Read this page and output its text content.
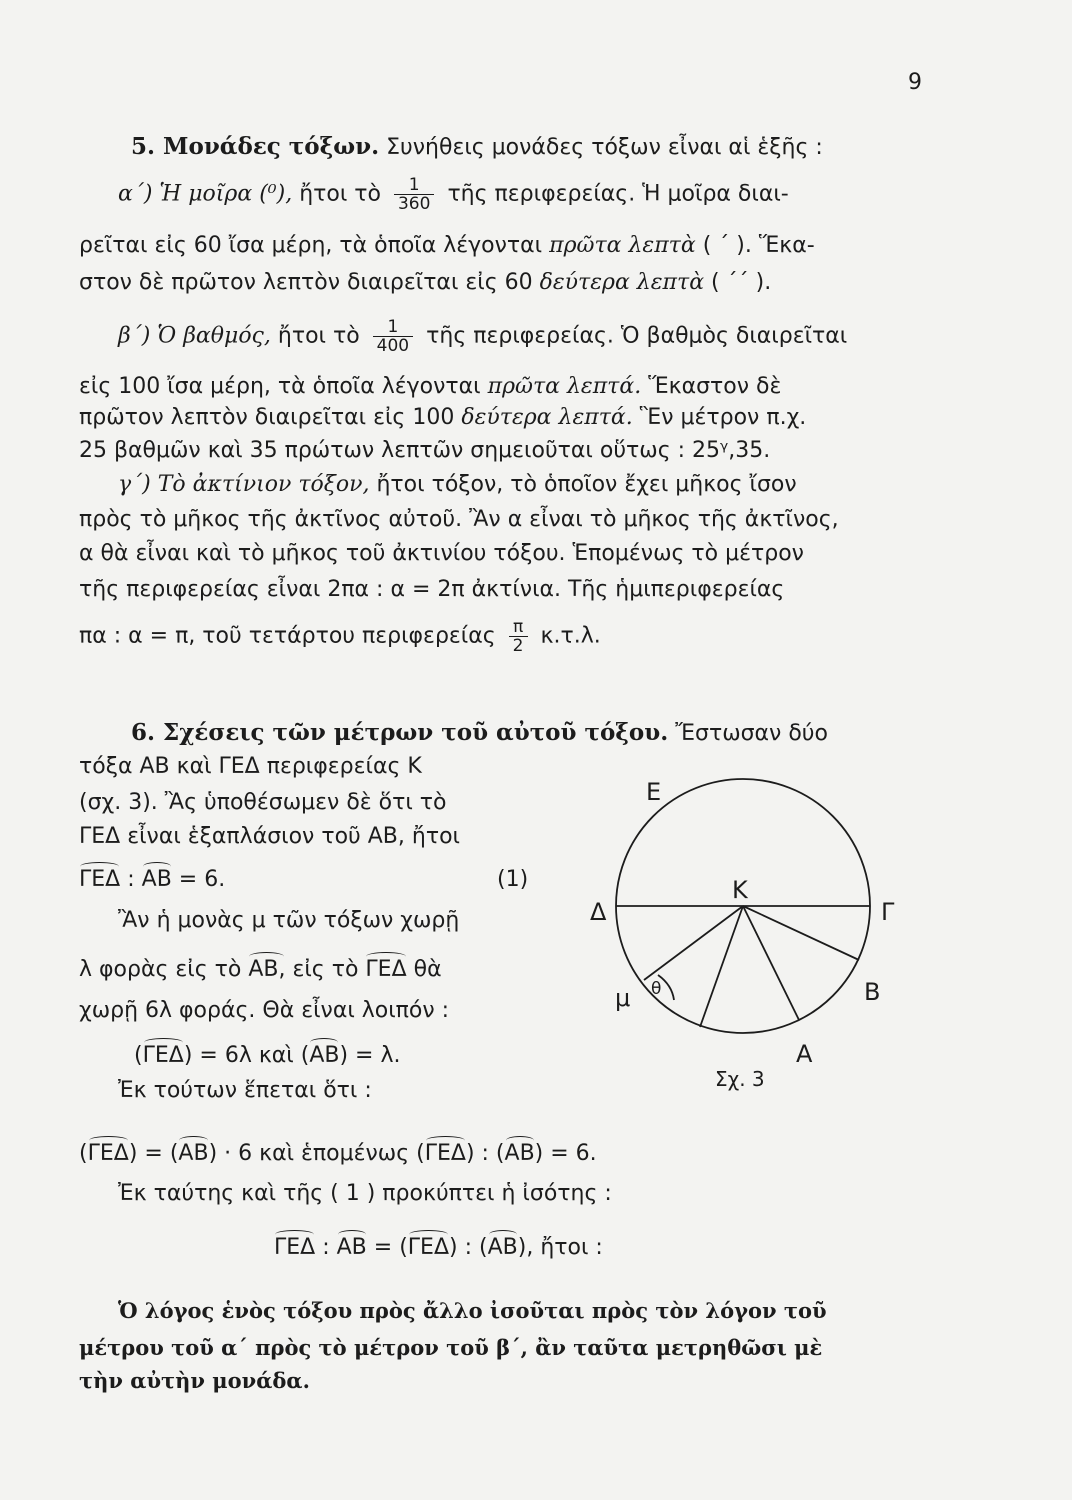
9
5. Μονάδες τόξων. Συνήθεις μονάδες τόξων εἶναι αἱ ἑξῆς :
α΄) Ἡ μοῖρα (⁰), ἤτοι τὸ $\frac{1}{360}$ τῆς περιφερείας. Ἡ μοῖρα διαι-
ρεῖται εἰς 60 ἴσα μέρη, τὰ ὁποῖα λέγονται πρῶτα λεπτὰ ( ΄ ). Ἕκα-
στον δὲ πρῶτον λεπτὸν διαιρεῖται εἰς 60 δεύτερα λεπτὰ ( ΄΄ ).
β΄) Ὁ βαθμός, ἤτοι τὸ $\frac{1}{400}$ τῆς περιφερείας. Ὁ βαθμὸς διαιρεῖται
εἰς 100 ἴσα μέρη, τὰ ὁποῖα λέγονται πρῶτα λεπτά. Ἕκαστον δὲ
πρῶτον λεπτὸν διαιρεῖται εἰς 100 δεύτερα λεπτά. Ἓν μέτρον π.χ.
25 βαθμῶν καὶ 35 πρώτων λεπτῶν σημειοῦται οὕτως : 25ᵞ,35.
γ΄) Τὸ ἀκτίνιον τόξον, ἤτοι τόξον, τὸ ὁποῖον ἔχει μῆκος ἴσον
πρὸς τὸ μῆκος τῆς ἀκτῖνος αὐτοῦ. Ἂν α εἶναι τὸ μῆκος τῆς ἀκτῖνος,
α θὰ εἶναι καὶ τὸ μῆκος τοῦ ἀκτινίου τόξου. Ἑπομένως τὸ μέτρον
τῆς περιφερείας εἶναι 2πα : α = 2π ἀκτίνια. Τῆς ἡμιπεριφερείας
πα : α = π, τοῦ τετάρτου περιφερείας $\frac{\pi}{2} \kappa.\tau.\lambda$.
6. Σχέσεις τῶν μέτρων τοῦ αὐτοῦ τόξου. Ἔστωσαν δύο
τόξα ΑΒ καὶ ΓΕΔ περιφερείας Κ
(σχ. 3). Ἂς ὑποθέσωμεν δὲ ὅτι τὸ
ΓΕΔ εἶναι ἑξαπλάσιον τοῦ ΑΒ, ἤτοι
ΓΕΔ : ΑΒ = 6.	(1)
Ἂν ἡ μονὰς μ τῶν τόξων χωρῇ
λ φορὰς εἰς τὸ ΑΒ, εἰς τὸ ΓΕΔ θὰ
χωρῇ 6λ φοράς. Θὰ εἶναι λοιπόν :
(ΓΕΔ) = 6λ καὶ (ΑΒ) = λ.
Ἐκ τούτων ἕπεται ὅτι :
(ΓΕΔ) = (ΑΒ) · 6 καὶ ἑπομένως (ΓΕΔ) : (ΑΒ) = 6.
Ἐκ ταύτης καὶ τῆς ( 1 ) προκύπτει ἡ ἰσότης :
ΓΕΔ : ΑΒ = (ΓΕΔ) : (ΑΒ), ἤτοι :
Ὁ λόγος ἑνὸς τόξου πρὸς ἄλλο ἰσοῦται πρὸς τὸν λόγον τοῦ
μέτρου τοῦ α΄ πρὸς τὸ μέτρον τοῦ β΄, ἂν ταῦτα μετρηθῶσι μὲ
τὴν αὐτὴν μονάδα.
Ε
Δ	Γ
Κ
Β
Α
μ θ
Σχ. 3
